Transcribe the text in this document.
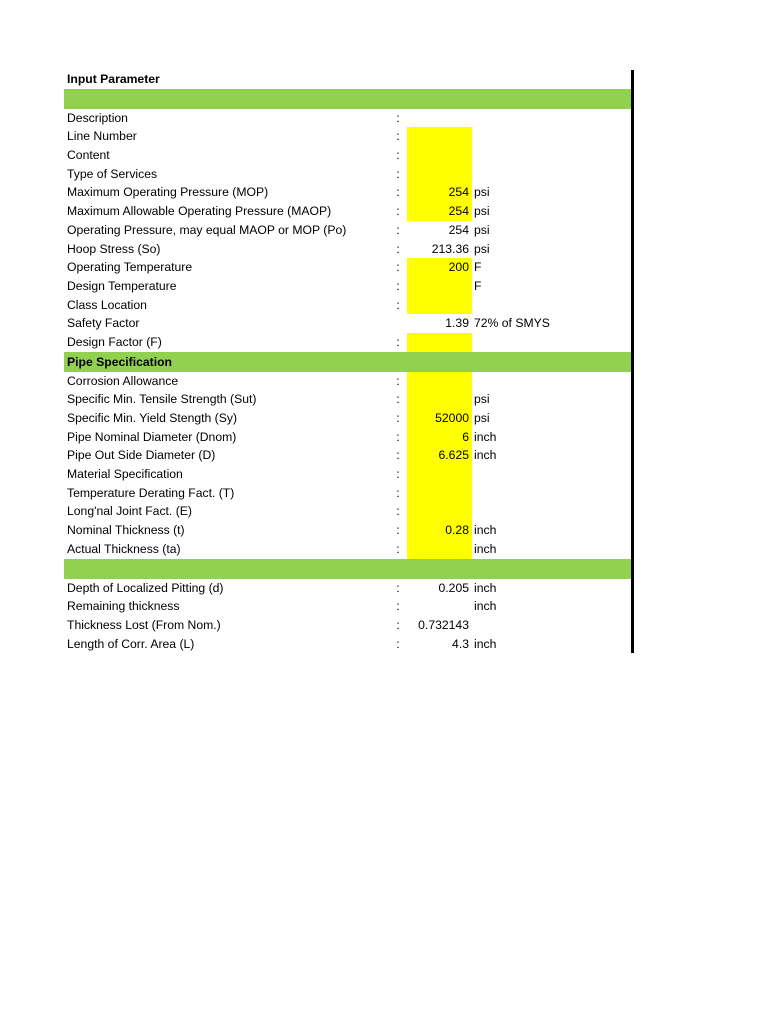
Input Parameter
Description	:
Line Number	:
Content	:
Type of Services	:
Maximum Operating Pressure (MOP)	:	254 psi
Maximum Allowable Operating Pressure (MAOP)	:	254 psi
Operating Pressure, may equal MAOP or MOP (Po)	:	254 psi
Hoop Stress (So)	:	213.36 psi
Operating Temperature	:	200 F
Design Temperature	:	F
Class Location	:
Safety Factor	1.39 72% of SMYS
Design Factor (F)	:
Pipe Specification
Corrosion Allowance	:
Specific Min. Tensile Strength (Sut)	:	psi
Specific Min. Yield Stength (Sy)	:	52000 psi
Pipe Nominal Diameter (Dnom)	:	6 inch
Pipe Out Side Diameter (D)	:	6.625 inch
Material Specification	:
Temperature Derating Fact. (T)	:
Long'nal Joint Fact. (E)	:
Nominal Thickness (t)	:	0.28 inch
Actual Thickness (ta)	:	inch
Depth of Localized Pitting (d)	:	0.205 inch
Remaining thickness	:	inch
Thickness Lost (From Nom.)	:	0.732143
Length of Corr. Area (L)	:	4.3 inch
